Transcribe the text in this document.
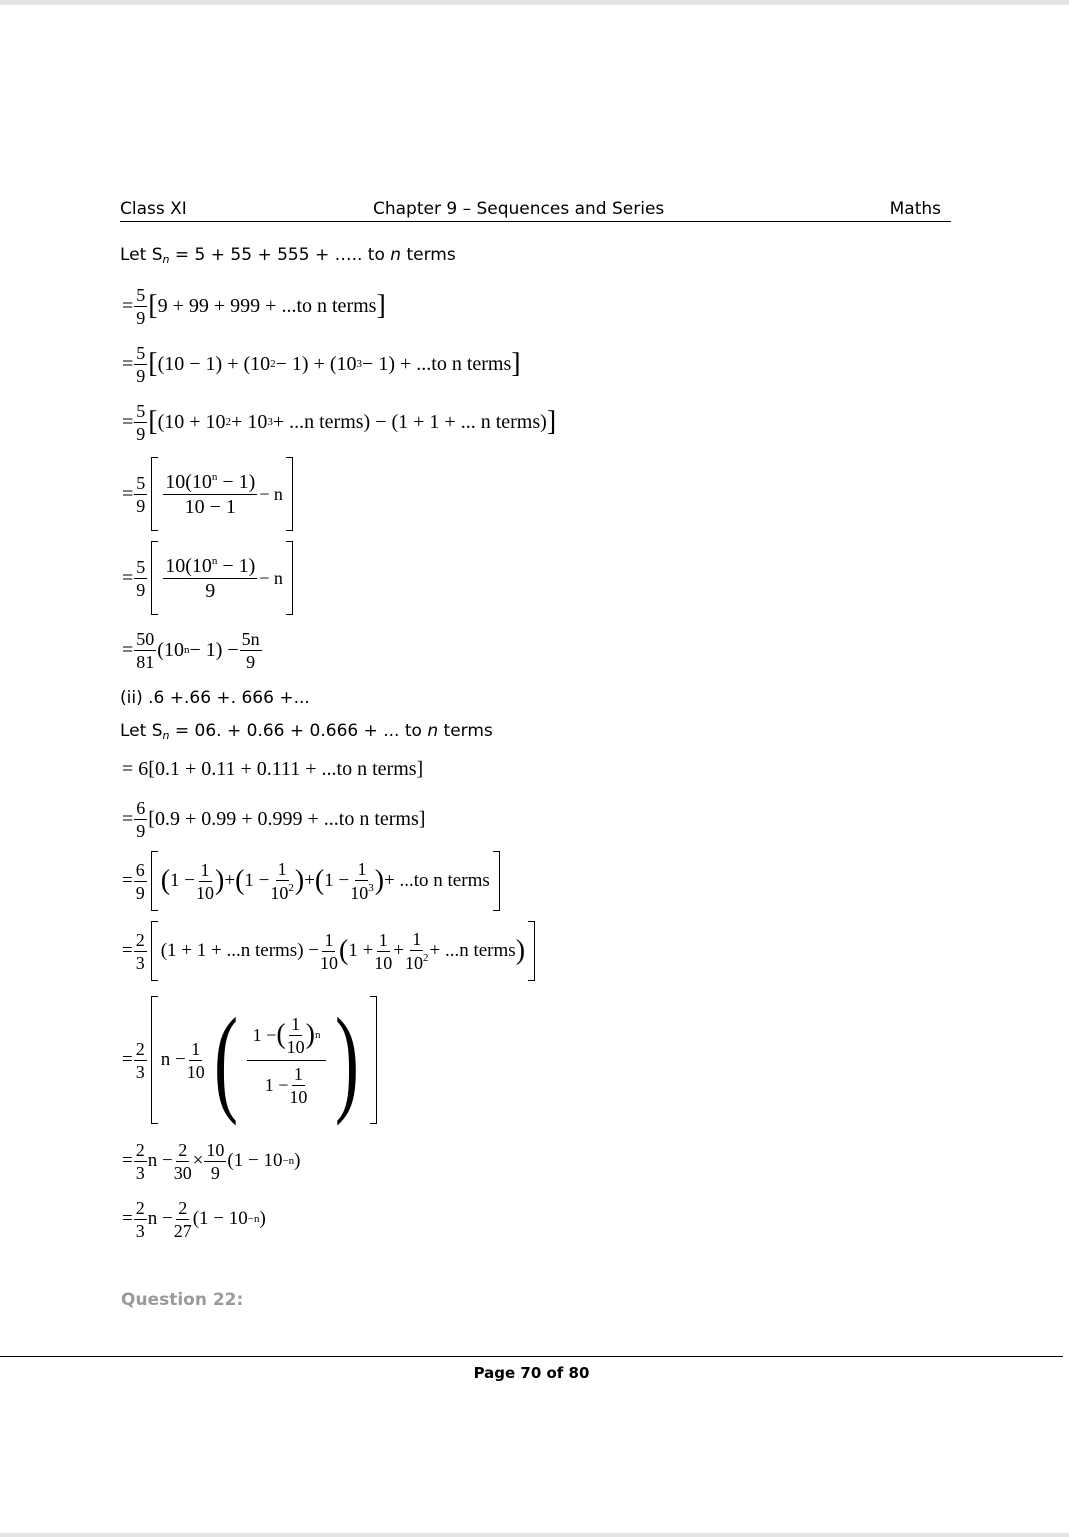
Class XI	Chapter 9 – Sequences and Series	Maths
Let $S_n = 5 + 55 + 555$ + ….. to n terms
= $\frac{5}{9}$ [ 9 + 99 + 999 + ...to n terms ]
= $\frac{5}{9}$ [ (10 − 1) + (10 2 − 1) + (10 3 − 1) + ...to n terms ]
= $\frac{5}{9}$ [ (10 + 10 2 + 10 3 + ...n terms) − (1 + 1 + ... n terms) ]
= $\frac{5}{9} \frac{10(10^n - 1)}{10 - 1} - n$
= $\frac{5}{9} \frac{10(10^n - 1)}{9} - n$
= $\frac{50}{81} (10$ $n - 1) - \frac{5n}{9}$
(ii) .6 +.66 +. 666 +...
Let $S_n = 06$. + 0.66 + 0.666 + ... to n terms
= 6[0.1 + 0.11 + 0.111 + ...to n terms]
= $\frac{6}{9} [0.9 + 0.99 + 0.999 + ...to$ n terms]
= $\frac{6}{9}$ ( $1 - \frac{1}{10}$ ) + ( $1 - \frac{1}{10^2}$ ) + ( $1 - \frac{1}{10^3}$ ) + ...to n terms
= $\frac{2}{3} (1 + 1 + ...n$ terms) − $\frac{1}{10}$ ( $1 + \frac{1}{10} + \frac{1}{10^2} + ...n$ terms )
= $\frac{2}{3}$ $n - \frac{1}{10}$ ( $\frac{1 - ( \frac{1}{10} ) n}{1 - \frac{1}{10}}$ )
= $\frac{2}{3}$ $n - \frac{2}{30} \times \frac{10}{9} (1 - 10 -n$ )
= $\frac{2}{3}$ $n - \frac{2}{27} (1 - 10 -n$ )
Question 22:
Page 70 of 80
